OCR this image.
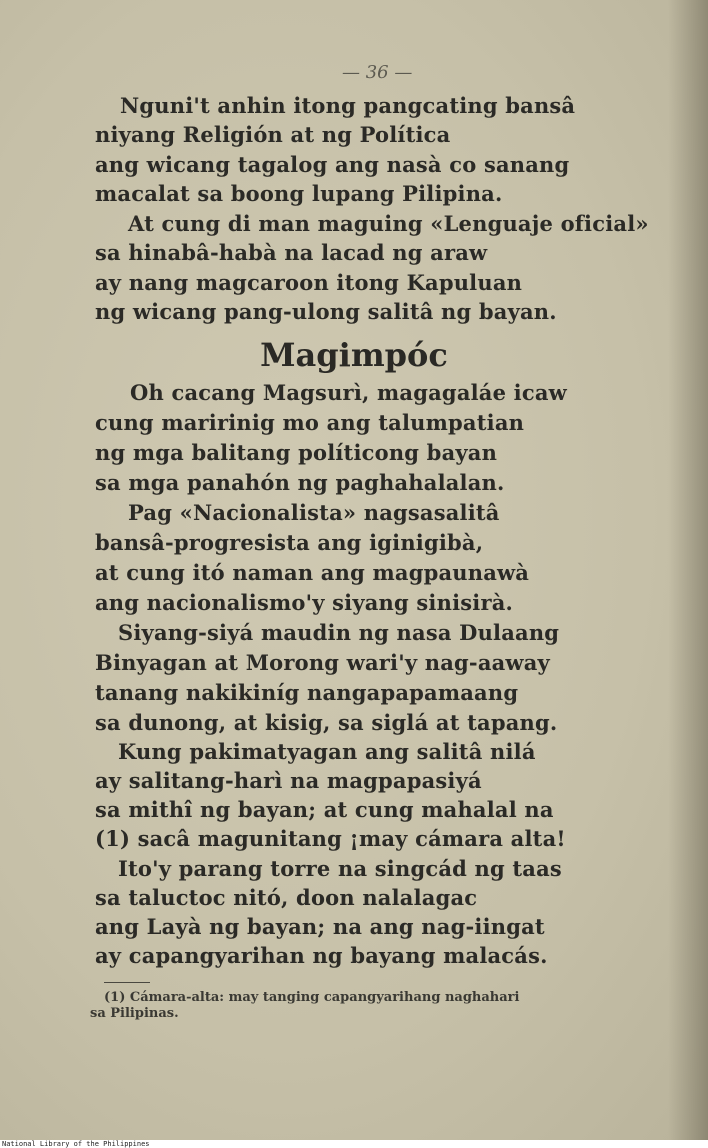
— 36 —
Nguni't anhin itong pangcating bansâ
niyang Religión at ng Política
ang wicang tagalog ang nasà co sanang
macalat sa boong lupang Pilipina.
At cung di man maguing «Lenguaje oficial»
sa hinabâ-habà na lacad ng araw
ay nang magcaroon itong Kapuluan
ng wicang pang-ulong salitâ ng bayan.
Magimpóc
Oh cacang Magsurì, magagaláe icaw
cung maririnig mo ang talumpatian
ng mga balitang políticong bayan
sa mga panahón ng paghahalalan.
Pag «Nacionalista» nagsasalitâ
bansâ-progresista ang iginigibà,
at cung itó naman ang magpaunawà
ang nacionalismo'y siyang sinisirà.
Siyang-siyá maudin ng nasa Dulaang
Binyagan at Morong wari'y nag-aaway
tanang nakikiníg nangapapamaang
sa dunong, at kisig, sa siglá at tapang.
Kung pakimatyagan ang salitâ nilá
ay salitang-harì na magpapasiyá
sa mithî ng bayan; at cung mahalal na
(1) sacâ magunitang ¡may cámara alta!
Ito'y parang torre na singcád ng taas
sa taluctoc nitó, doon nalalagac
ang Layà ng bayan; na ang nag-iingat
ay capangyarihan ng bayang malacás.
(1) Cámara-alta: may tanging capangyarihang naghahari
sa Pilipinas.
National Library of the Philippines
